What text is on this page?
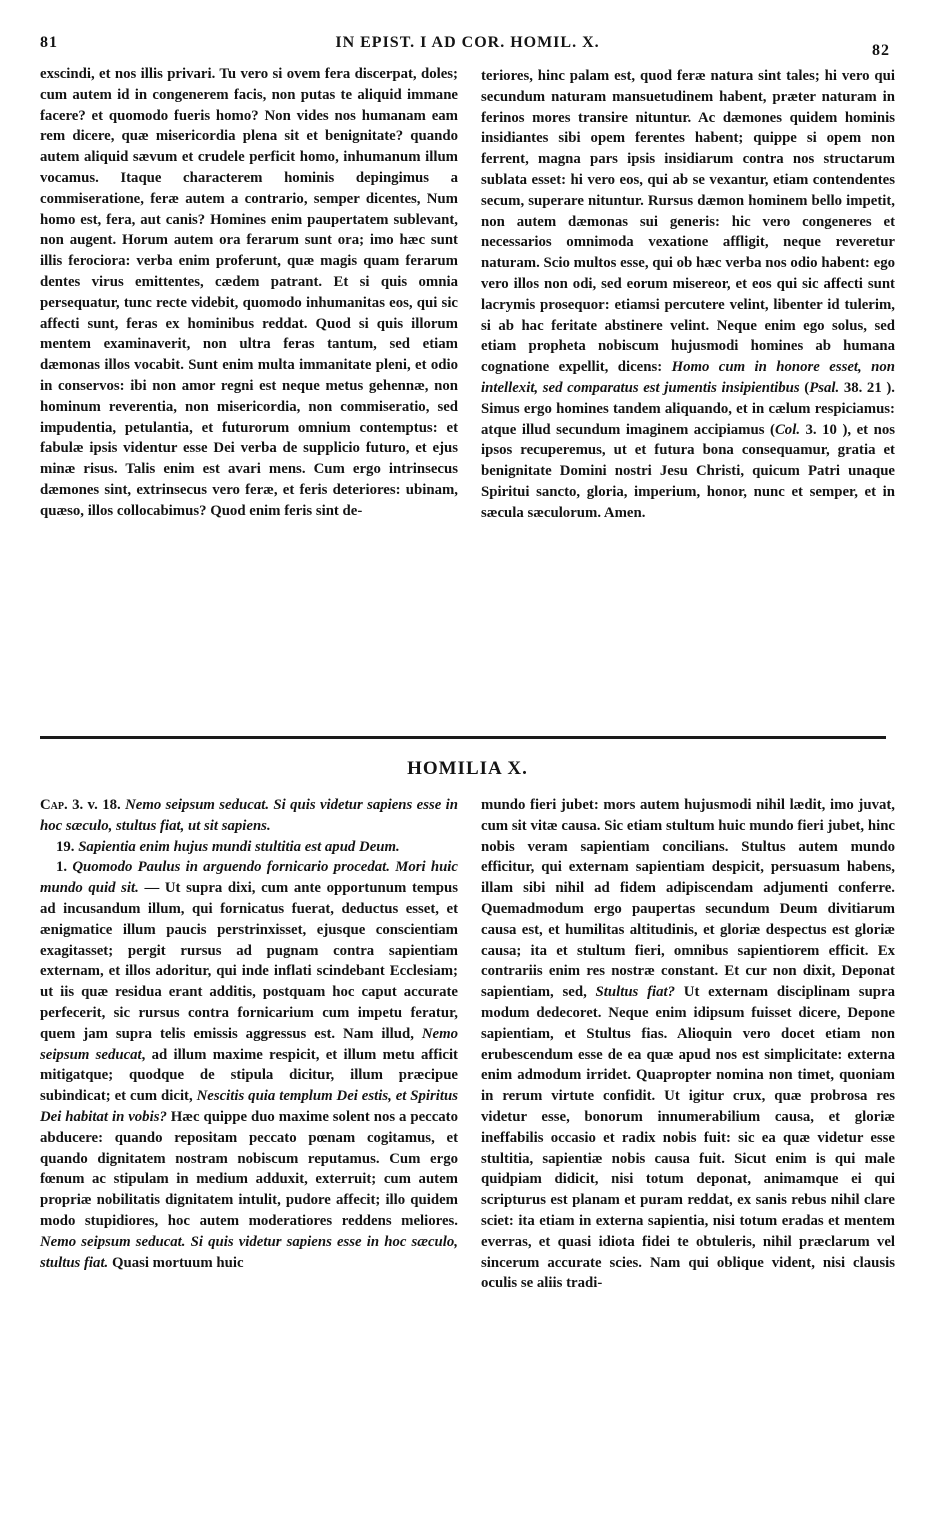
81	IN EPIST. I AD COR. HOMIL. X.	82

exscindi, et nos illis privari. Tu vero si ovem fera discerpat, doles; cum autem id in congenerem facis, non putas te aliquid immane facere? et quomodo fueris homo? Non vides nos humanam eam rem dicere, quæ misericordia plena sit et benignitate? quando autem aliquid sævum et crudele perficit homo, inhumanum illum vocamus. Itaque characterem hominis depingimus a commiseratione, feræ autem a contrario, semper dicentes, Num homo est, fera, aut canis? Homines enim paupertatem sublevant, non augent. Horum autem ora ferarum sunt ora; imo hæc sunt illis ferociora: verba enim proferunt, quæ magis quam ferarum dentes virus emittentes, cædem patrant. Et si quis omnia persequatur, tunc recte videbit, quomodo inhumanitas eos, qui sic affecti sunt, feras ex hominibus reddat. Quod si quis illorum mentem examinaverit, non ultra feras tantum, sed etiam dæmonas illos vocabit. Sunt enim multa immanitate pleni, et odio in conservos: ibi non amor regni est neque metus gehennæ, non hominum reverentia, non misericordia, non commiseratio, sed impudentia, petulantia, et futurorum omnium contemptus: et fabulæ ipsis videntur esse Dei verba de supplicio futuro, et ejus minæ risus. Talis enim est avari mens. Cum ergo intrinsecus dæmones sint, extrinsecus vero feræ, et feris deteriores: ubinam, quæso, illos collocabimus? Quod enim feris sint de-

teriores, hinc palam est, quod feræ natura sint tales; hi vero qui secundum naturam mansuetudinem habent, præter naturam in ferinos mores transire nituntur. Ac dæmones quidem hominis insidiantes sibi opem ferentes habent; quippe si opem non ferrent, magna pars ipsis insidiarum contra nos structarum sublata esset: hi vero eos, qui ab se vexantur, etiam contendentes secum, superare nituntur. Rursus dæmon hominem bello impetit, non autem dæmonas sui generis: hic vero congeneres et necessarios omnimoda vexatione affligit, neque reveretur naturam. Scio multos esse, qui ob hæc verba nos odio habent: ego vero illos non odi, sed eorum misereor, et eos qui sic affecti sunt lacrymis prosequor: etiamsi percutere velint, libenter id tulerim, si ab hac feritate abstinere velint. Neque enim ego solus, sed etiam propheta nobiscum hujusmodi homines ab humana cognatione expellit, dicens: Homo cum in honore esset, non intellexit, sed comparatus est jumentis insipientibus (Psal. 38. 21 ). Simus ergo homines tandem aliquando, et in cælum respiciamus: atque illud secundum imaginem accipiamus (Col. 3. 10 ), et nos ipsos recuperemus, ut et futura bona consequamur, gratia et benignitate Domini nostri Jesu Christi, quicum Patri unaque Spiritui sancto, gloria, imperium, honor, nunc et semper, et in sæcula sæculorum. Amen.

HOMILIA X.

Cap. 3. v. 18. Nemo seipsum seducat. Si quis videtur sapiens esse in hoc sæculo, stultus fiat, ut sit sapiens.

19. Sapientia enim hujus mundi stultitia est apud Deum.

1. Quomodo Paulus in arguendo fornicario procedat. Mori huic mundo quid sit. — Ut supra dixi, cum ante opportunum tempus ad incusandum illum, qui fornicatus fuerat, deductus esset, et ænigmatice illum paucis perstrinxisset, ejusque conscientiam exagitasset; pergit rursus ad pugnam contra sapientiam externam, et illos adoritur, qui inde inflati scindebant Ecclesiam; ut iis quæ residua erant additis, postquam hoc caput accurate perfecerit, sic rursus contra fornicarium cum impetu feratur, quem jam supra telis emissis aggressus est. Nam illud, Nemo seipsum seducat, ad illum maxime respicit, et illum metu afficit mitigatque; quodque de stipula dicitur, illum præcipue subindicat; et cum dicit, Nescitis quia templum Dei estis, et Spiritus Dei habitat in vobis? Hæc quippe duo maxime solent nos a peccato abducere: quando repositam peccato pœnam cogitamus, et quando dignitatem nostram nobiscum reputamus. Cum ergo fœnum ac stipulam in medium adduxit, exterruit; cum autem propriæ nobilitatis dignitatem intulit, pudore affecit; illo quidem modo stupidiores, hoc autem moderatiores reddens meliores. Nemo seipsum seducat. Si quis videtur sapiens esse in hoc sæculo, stultus fiat. Quasi mortuum huic

mundo fieri jubet: mors autem hujusmodi nihil lædit, imo juvat, cum sit vitæ causa. Sic etiam stultum huic mundo fieri jubet, hinc nobis veram sapientiam concilians. Stultus autem mundo efficitur, qui externam sapientiam despicit, persuasum habens, illam sibi nihil ad fidem adipiscendam adjumenti conferre. Quemadmodum ergo paupertas secundum Deum divitiarum causa est, et humilitas altitudinis, et gloriæ despectus est gloriæ causa; ita et stultum fieri, omnibus sapientiorem efficit. Ex contrariis enim res nostræ constant. Et cur non dixit, Deponat sapientiam, sed, Stultus fiat? Ut externam disciplinam supra modum dedecoret. Neque enim idipsum fuisset dicere, Depone sapientiam, et Stultus fias. Alioquin vero docet etiam non erubescendum esse de ea quæ apud nos est simplicitate: externa enim admodum irridet. Quapropter nomina non timet, quoniam in rerum virtute confidit. Ut igitur crux, quæ probrosa res videtur esse, bonorum innumerabilium causa, et gloriæ ineffabilis occasio et radix nobis fuit: sic ea quæ videtur esse stultitia, sapientiæ nobis causa fuit. Sicut enim is qui male quidpiam didicit, nisi totum deponat, animamque ei qui scripturus est planam et puram reddat, ex sanis rebus nihil clare sciet: ita etiam in externa sapientia, nisi totum eradas et mentem everras, et quasi idiota fidei te obtuleris, nihil præclarum vel sincerum accurate scies. Nam qui oblique vident, nisi clausis oculis se aliis tradi-
